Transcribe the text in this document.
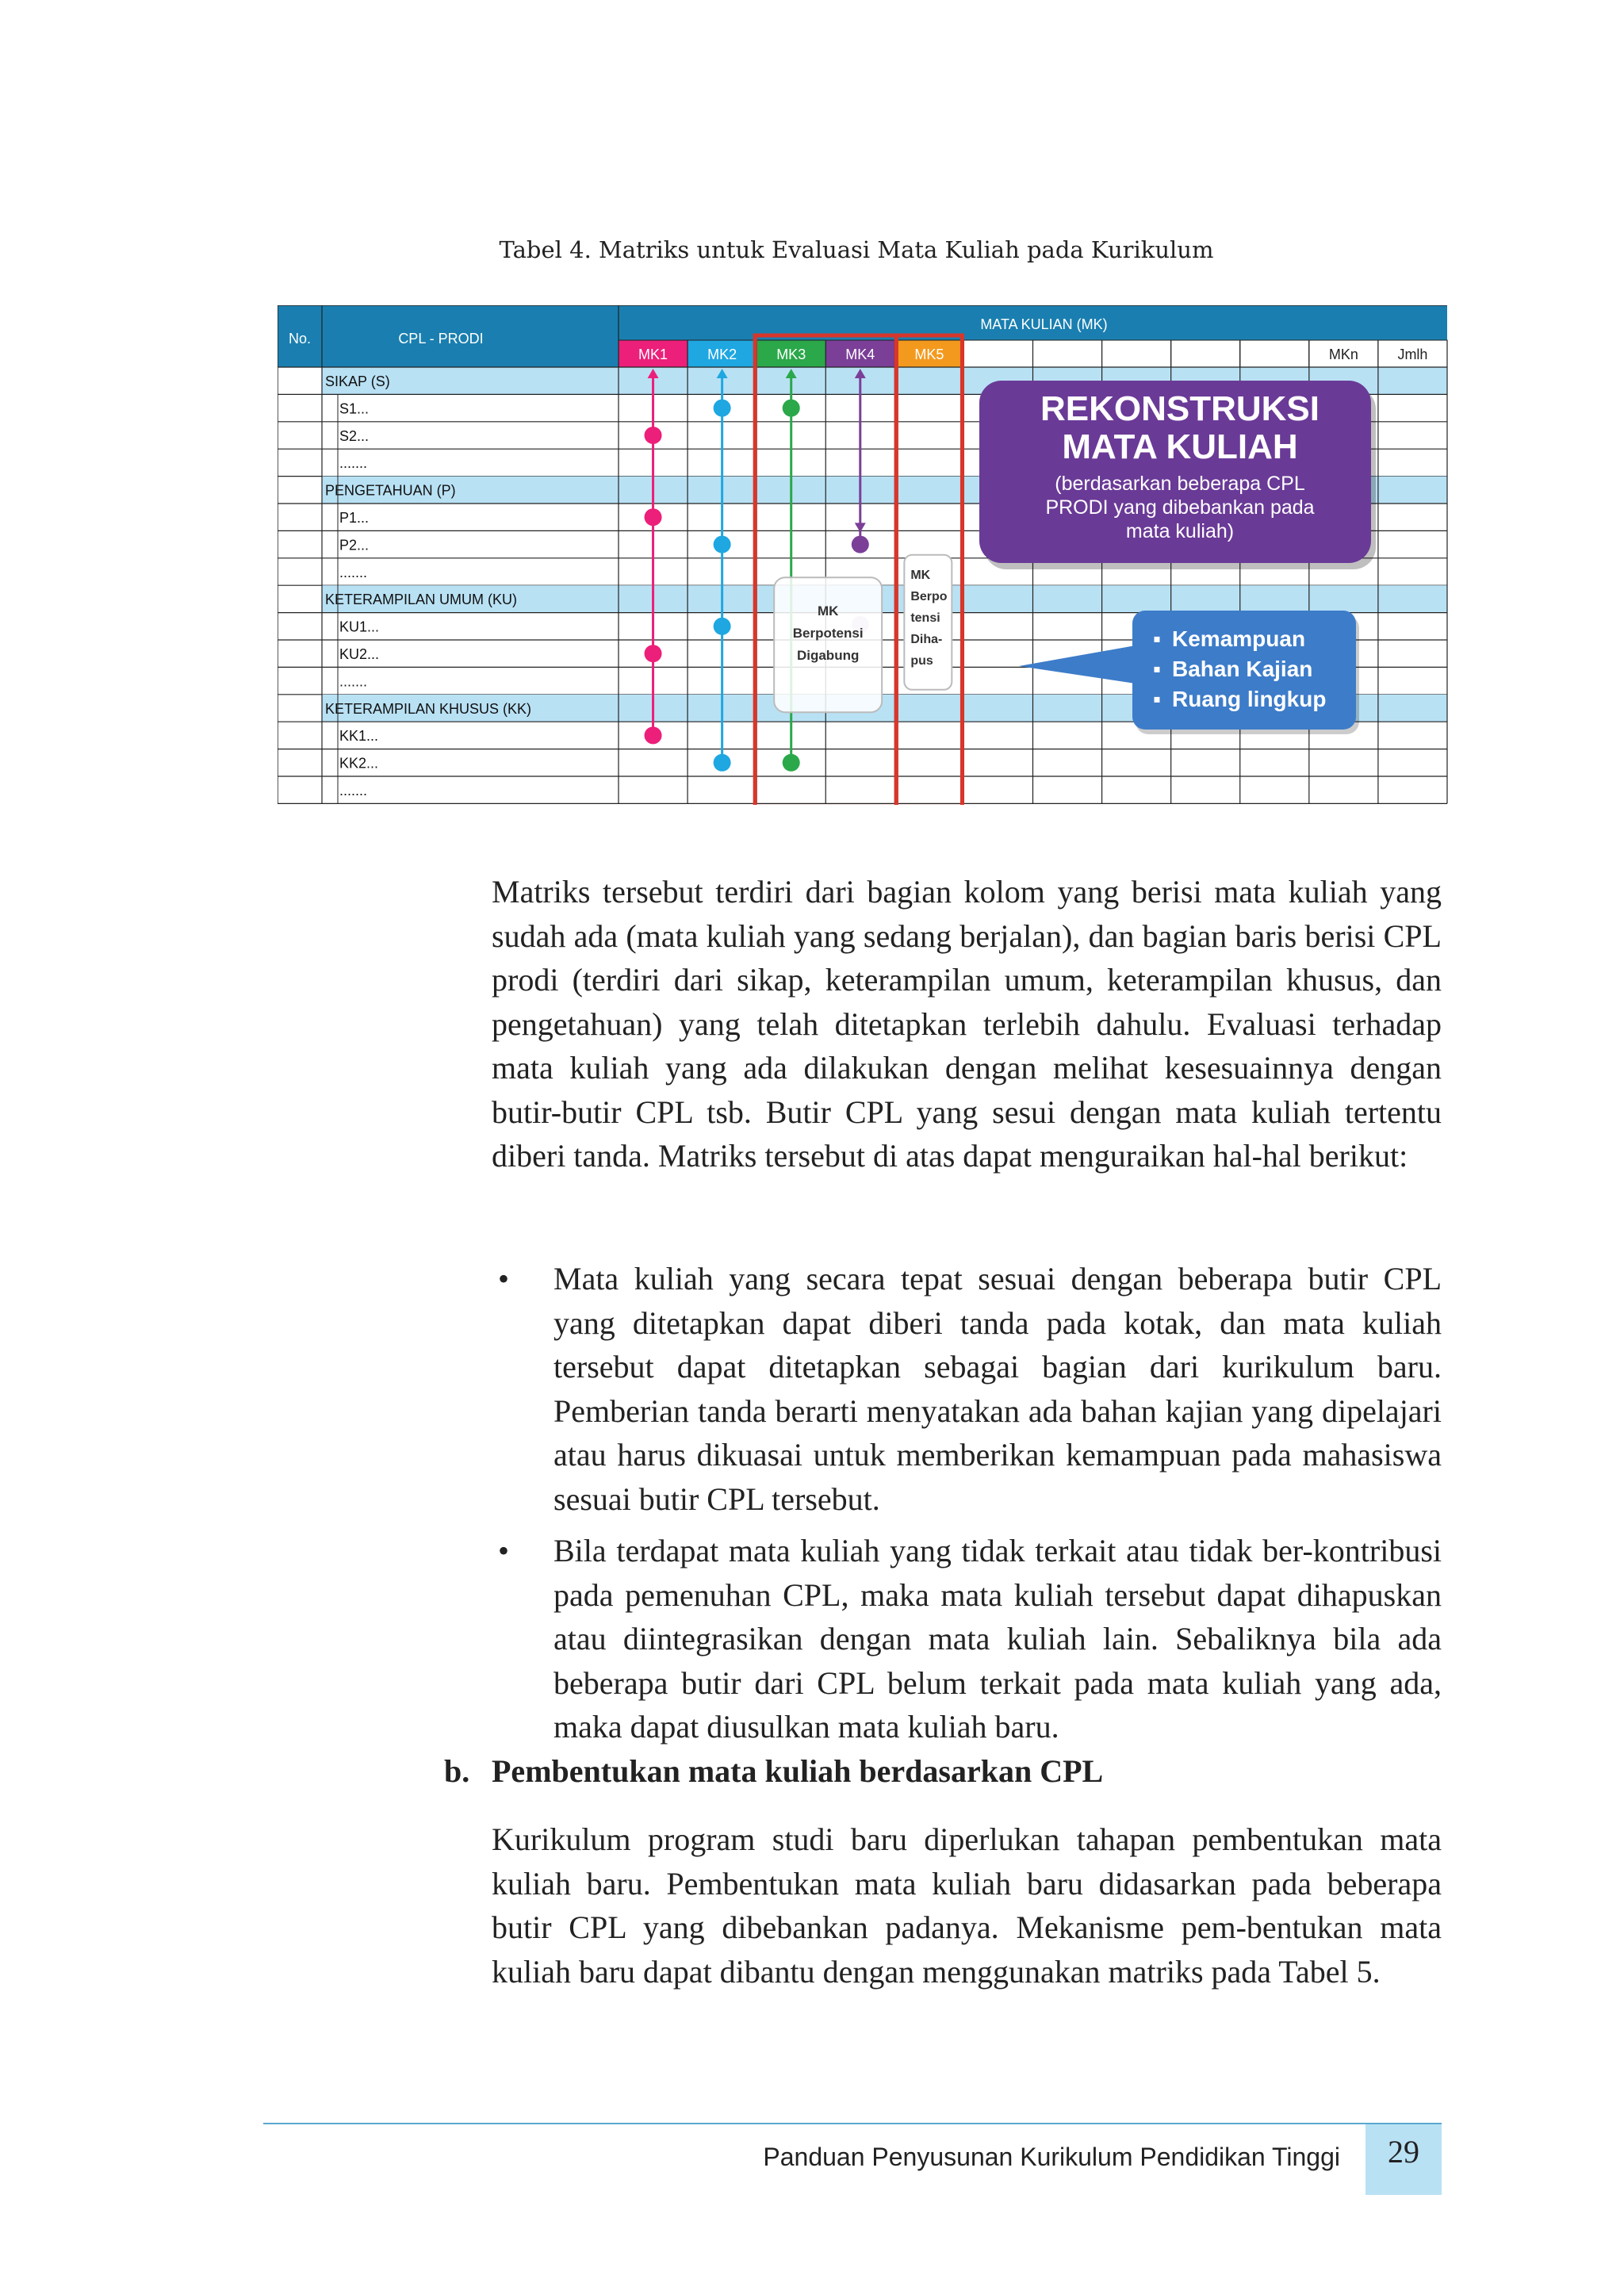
Tabel 4. Matriks untuk Evaluasi Mata Kuliah pada Kurikulum
No.	CPL - PRODI
MATA KULIAN (MK)
MK1	MK2	MK3	MK4	MK5	MKn	Jmlh
SIKAP (S)
S1...
S2...
.......
PENGETAHUAN (P)
P1...
P2...
.......
KETERAMPILAN UMUM (KU)
KU1...
KU2...
.......
KETERAMPILAN KHUSUS (KK)
KK1...
KK2...
.......
MK
Berpotensi
Digabung
MK
Berpo
tensi
Diha-
pus
REKONSTRUKSI
MATA KULIAH
(berdasarkan beberapa CPL
PRODI yang dibebankan pada
mata kuliah)
▪ Kemampuan
▪ Bahan Kajian
▪ Ruang lingkup
Matriks tersebut terdiri dari bagian kolom yang berisi mata kuliah yang sudah ada (mata kuliah yang sedang berjalan), dan bagian baris berisi CPL prodi (terdiri dari sikap, keterampilan umum, keterampilan khusus, dan pengetahuan) yang telah ditetapkan terlebih dahulu. Evaluasi terhadap mata kuliah yang ada dilakukan dengan melihat kesesuainnya dengan butir-butir CPL tsb. Butir CPL yang sesui dengan mata kuliah tertentu diberi tanda. Matriks tersebut di atas dapat menguraikan hal-hal berikut:
• Mata kuliah yang secara tepat sesuai dengan beberapa butir CPL yang ditetapkan dapat diberi tanda pada kotak, dan mata kuliah tersebut dapat ditetapkan sebagai bagian dari kurikulum baru. Pemberian tanda berarti menyatakan ada bahan kajian yang dipelajari atau harus dikuasai untuk memberikan kemampuan pada mahasiswa sesuai butir CPL tersebut.
• Bila terdapat mata kuliah yang tidak terkait atau tidak ber-kontribusi pada pemenuhan CPL, maka mata kuliah tersebut dapat dihapuskan atau diintegrasikan dengan mata kuliah lain. Sebaliknya bila ada beberapa butir dari CPL belum terkait pada mata kuliah yang ada, maka dapat diusulkan mata kuliah baru.
b. Pembentukan mata kuliah berdasarkan CPL
Kurikulum program studi baru diperlukan tahapan pembentukan mata kuliah baru. Pembentukan mata kuliah baru didasarkan pada beberapa butir CPL yang dibebankan padanya. Mekanisme pem-bentukan mata kuliah baru dapat dibantu dengan menggunakan matriks pada Tabel 5.
Panduan Penyusunan Kurikulum Pendidikan Tinggi	29
